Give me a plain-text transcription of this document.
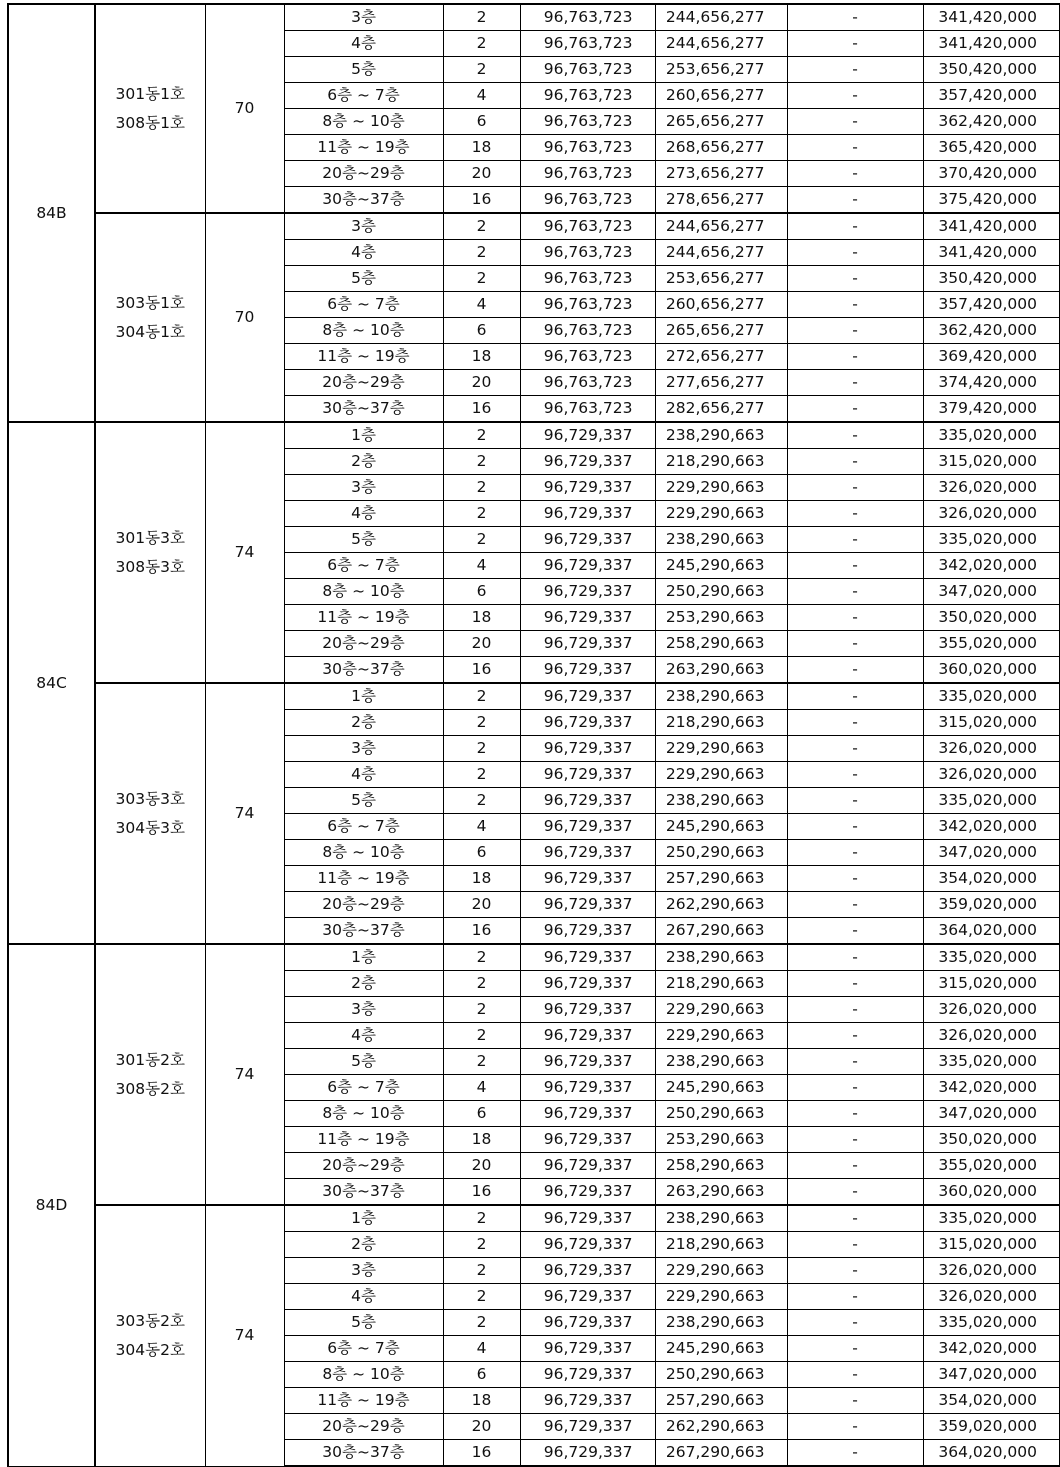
84B	301동1호
308동1호	70	3층	2	96,763,723	244,656,277	-	341,420,000
			4층	2	96,763,723	244,656,277	-	341,420,000
			5층	2	96,763,723	253,656,277	-	350,420,000
			6층 ~ 7층	4	96,763,723	260,656,277	-	357,420,000
			8층 ~ 10층	6	96,763,723	265,656,277	-	362,420,000
			11층 ~ 19층	18	96,763,723	268,656,277	-	365,420,000
			20층~29층	20	96,763,723	273,656,277	-	370,420,000
			30층~37층	16	96,763,723	278,656,277	-	375,420,000

	303동1호
304동1호	70	3층	2	96,763,723	244,656,277	-	341,420,000
			4층	2	96,763,723	244,656,277	-	341,420,000
			5층	2	96,763,723	253,656,277	-	350,420,000
			6층 ~ 7층	4	96,763,723	260,656,277	-	357,420,000
			8층 ~ 10층	6	96,763,723	265,656,277	-	362,420,000
			11층 ~ 19층	18	96,763,723	272,656,277	-	369,420,000
			20층~29층	20	96,763,723	277,656,277	-	374,420,000
			30층~37층	16	96,763,723	282,656,277	-	379,420,000
84C	301동3호
308동3호	74	1층	2	96,729,337	238,290,663	-	335,020,000
			2층	2	96,729,337	218,290,663	-	315,020,000
			3층	2	96,729,337	229,290,663	-	326,020,000
			4층	2	96,729,337	229,290,663	-	326,020,000
			5층	2	96,729,337	238,290,663	-	335,020,000
			6층 ~ 7층	4	96,729,337	245,290,663	-	342,020,000
			8층 ~ 10층	6	96,729,337	250,290,663	-	347,020,000
			11층 ~ 19층	18	96,729,337	253,290,663	-	350,020,000
			20층~29층	20	96,729,337	258,290,663	-	355,020,000
			30층~37층	16	96,729,337	263,290,663	-	360,020,000

	303동3호
304동3호	74	1층	2	96,729,337	238,290,663	-	335,020,000
			2층	2	96,729,337	218,290,663	-	315,020,000
			3층	2	96,729,337	229,290,663	-	326,020,000
			4층	2	96,729,337	229,290,663	-	326,020,000
			5층	2	96,729,337	238,290,663	-	335,020,000
			6층 ~ 7층	4	96,729,337	245,290,663	-	342,020,000
			8층 ~ 10층	6	96,729,337	250,290,663	-	347,020,000
			11층 ~ 19층	18	96,729,337	257,290,663	-	354,020,000
			20층~29층	20	96,729,337	262,290,663	-	359,020,000
			30층~37층	16	96,729,337	267,290,663	-	364,020,000
84D	301동2호
308동2호	74	1층	2	96,729,337	238,290,663	-	335,020,000
			2층	2	96,729,337	218,290,663	-	315,020,000
			3층	2	96,729,337	229,290,663	-	326,020,000
			4층	2	96,729,337	229,290,663	-	326,020,000
			5층	2	96,729,337	238,290,663	-	335,020,000
			6층 ~ 7층	4	96,729,337	245,290,663	-	342,020,000
			8층 ~ 10층	6	96,729,337	250,290,663	-	347,020,000
			11층 ~ 19층	18	96,729,337	253,290,663	-	350,020,000
			20층~29층	20	96,729,337	258,290,663	-	355,020,000
			30층~37층	16	96,729,337	263,290,663	-	360,020,000

	303동2호
304동2호	74	1층	2	96,729,337	238,290,663	-	335,020,000
			2층	2	96,729,337	218,290,663	-	315,020,000
			3층	2	96,729,337	229,290,663	-	326,020,000
			4층	2	96,729,337	229,290,663	-	326,020,000
			5층	2	96,729,337	238,290,663	-	335,020,000
			6층 ~ 7층	4	96,729,337	245,290,663	-	342,020,000
			8층 ~ 10층	6	96,729,337	250,290,663	-	347,020,000
			11층 ~ 19층	18	96,729,337	257,290,663	-	354,020,000
			20층~29층	20	96,729,337	262,290,663	-	359,020,000
			30층~37층	16	96,729,337	267,290,663	-	364,020,000
